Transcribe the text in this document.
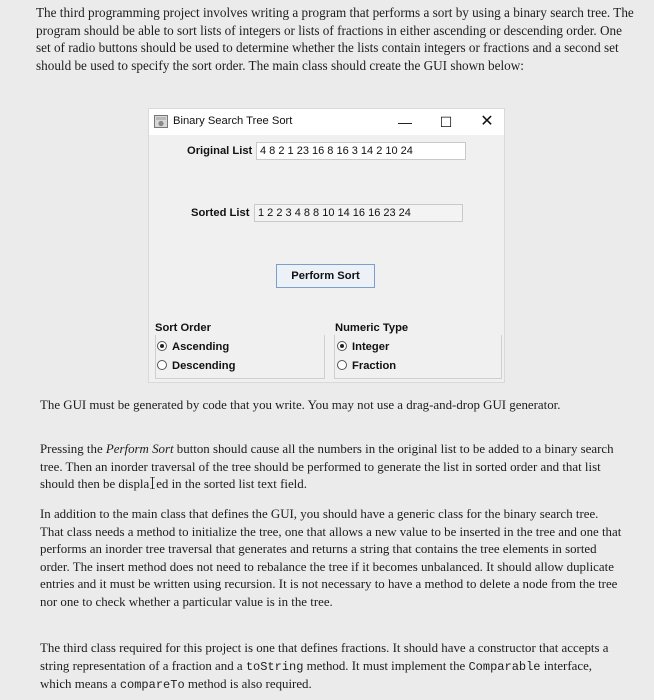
The third programming project involves writing a program that performs a sort by using a binary search tree. The program should be able to sort lists of integers or lists of fractions in either ascending or descending order. One set of radio buttons should be used to determine whether the lists contain integers or fractions and a second set should be used to specify the sort order. The main class should create the GUI shown below:

Binary Search Tree Sort	—	☐	✕
Original List 4 8 2 1 23 16 8 16 3 14 2 10 24
Sorted List 1 2 2 3 4 8 8 10 14 16 16 23 24
Perform Sort
Sort Order
Ascending
Descending
Numeric Type
Integer
Fraction

The GUI must be generated by code that you write. You may not use a drag-and-drop GUI generator.

Pressing the Perform Sort button should cause all the numbers in the original list to be added to a binary search tree. Then an inorder traversal of the tree should be performed to generate the list in sorted order and that list should then be displa ed in the sorted list text field.

In addition to the main class that defines the GUI, you should have a generic class for the binary search tree. That class needs a method to initialize the tree, one that allows a new value to be inserted in the tree and one that performs an inorder tree traversal that generates and returns a string that contains the tree elements in sorted order. The insert method does not need to rebalance the tree if it becomes unbalanced. It should allow duplicate entries and it must be written using recursion. It is not necessary to have a method to delete a node from the tree nor one to check whether a particular value is in the tree.

The third class required for this project is one that defines fractions. It should have a constructor that accepts a string representation of a fraction and a toString method. It must implement the Comparable interface, which means a compareTo method is also required.
